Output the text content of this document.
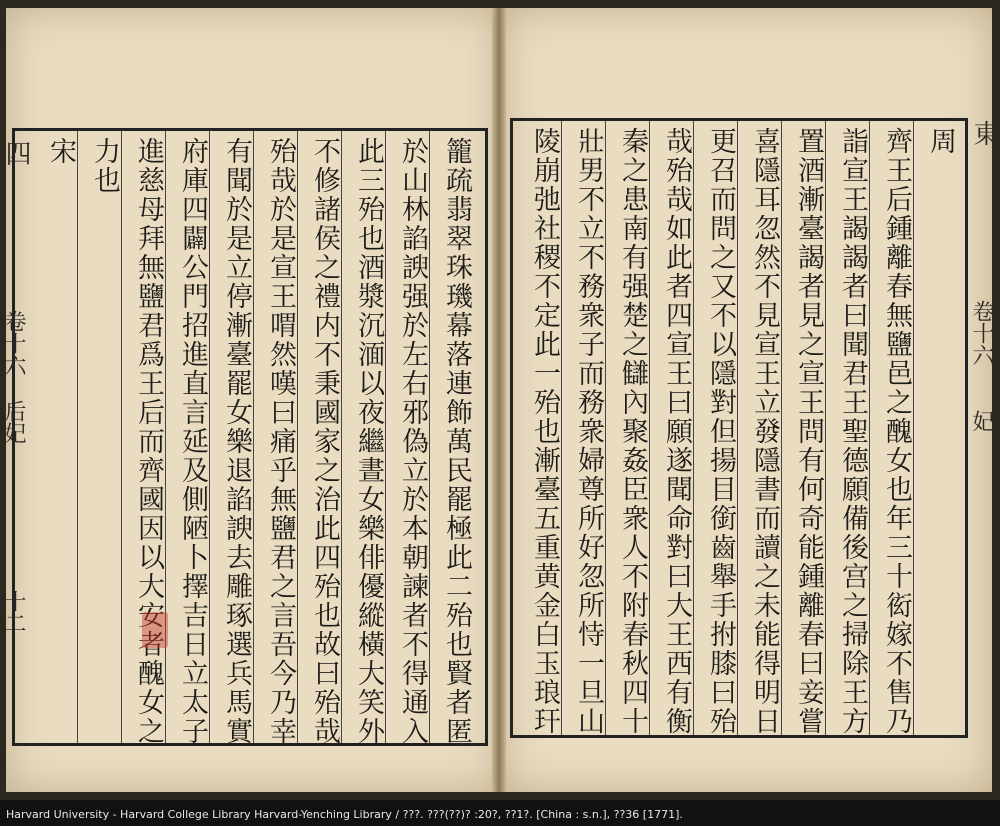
籠疏翡翠珠璣幕落連飾萬民罷極此二殆也賢者匿
於山林諂諛强於左右邪偽立於本朝諫者不得通入
此三殆也酒漿沉湎以夜繼晝女樂俳優縱橫大笑外
不修諸侯之禮内不秉國家之治此四殆也故曰殆哉
殆哉於是宣王喟然嘆曰痛乎無鹽君之言吾今乃幸
有聞於是立停漸臺罷女樂退諂諛去雕琢選兵馬實
府庫四闢公門招進直言延及側陋卜擇吉日立太子
進慈母拜無鹽君爲王后而齊國因以大安者醜女之
力也
宋
四
卷十六
后妃
十二
周
齊王后鍾離春無鹽邑之醜女也年三十衒嫁不售乃
詣宣王謁謁者曰聞君王聖德願備後宫之掃除王方
置酒漸臺謁者見之宣王問有何奇能鍾離春曰妾嘗
喜隱耳忽然不見宣王立發隱書而讀之未能得明日
更召而問之又不以隱對但揚目銜齒舉手拊膝曰殆
哉殆哉如此者四宣王曰願遂聞命對曰大王西有衡
秦之患南有强楚之讎內聚姦臣衆人不附春秋四十
壯男不立不務衆子而務衆婦尊所好忽所恃一旦山
陵崩弛社稷不定此一殆也漸臺五重黄金白玉琅玕	東
卷十六
妃
Harvard University - Harvard College Library Harvard-Yenching Library / ???. ???(??)? :20?, ??1?. [China : s.n.], ??36 [1771].
